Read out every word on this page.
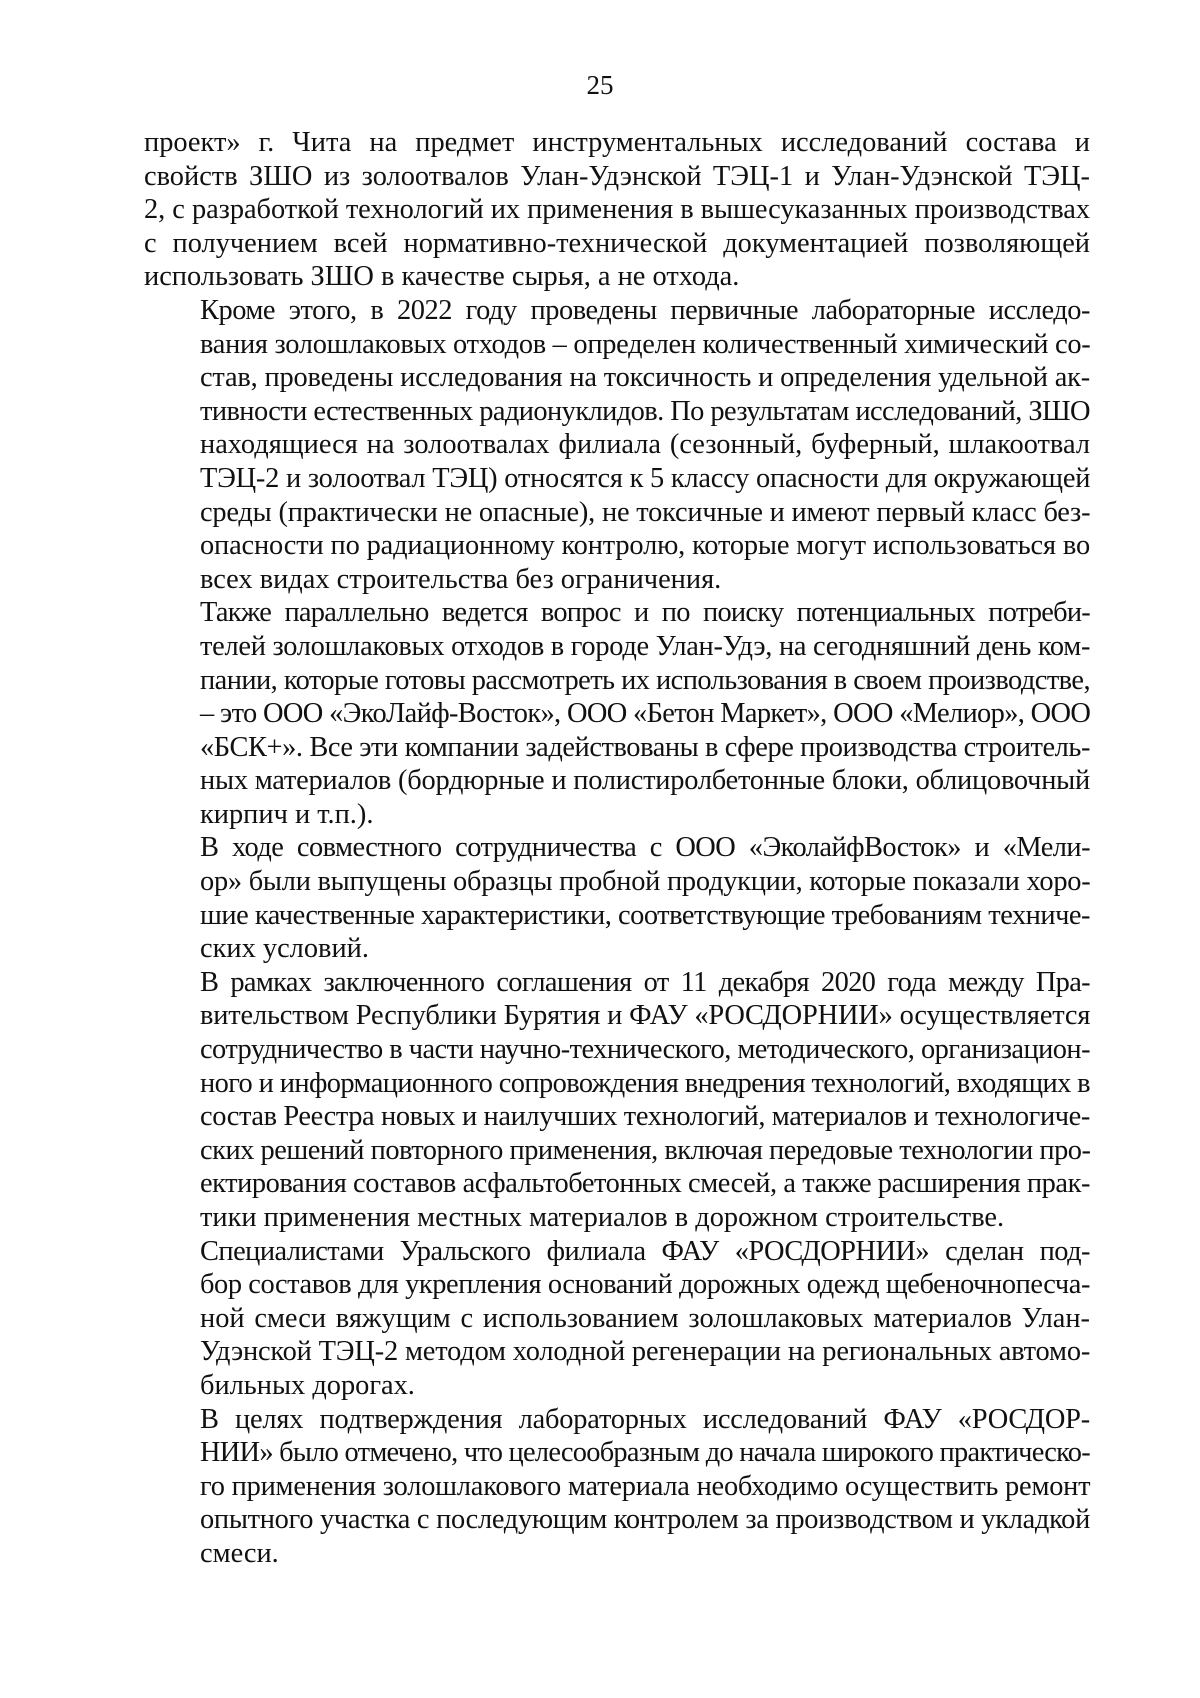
25

проект» г. Чита на предмет инструментальных исследований состава и
свойств ЗШО из золоотвалов Улан-Удэнской ТЭЦ-1 и Улан-Удэнской ТЭЦ-
2, с разработкой технологий их применения в вышесуказанных производствах
с получением всей нормативно-технической документацией позволяющей
использовать ЗШО в качестве сырья, а не отхода.

Кроме этого, в 2022 году проведены первичные лабораторные исследо-
вания золошлаковых отходов – определен количественный химический со-
став, проведены исследования на токсичность и определения удельной ак-
тивности естественных радионуклидов. По результатам исследований, ЗШО
находящиеся на золоотвалах филиала (сезонный, буферный, шлакоотвал
ТЭЦ-2 и золоотвал ТЭЦ) относятся к 5 классу опасности для окружающей
среды (практически не опасные), не токсичные и имеют первый класс без-
опасности по радиационному контролю, которые могут использоваться во
всех видах строительства без ограничения.

Также параллельно ведется вопрос и по поиску потенциальных потреби-
телей золошлаковых отходов в городе Улан-Удэ, на сегодняшний день ком-
пании, которые готовы рассмотреть их использования в своем производстве,
– это ООО «ЭкоЛайф-Восток», ООО «Бетон Маркет», ООО «Мелиор», ООО
«БСК+». Все эти компании задействованы в сфере производства строитель-
ных материалов (бордюрные и полистиролбетонные блоки, облицовочный
кирпич и т.п.).

В ходе совместного сотрудничества с ООО «ЭколайфВосток» и «Мели-
ор» были выпущены образцы пробной продукции, которые показали хоро-
шие качественные характеристики, соответствующие требованиям техниче-
ских условий.

В рамках заключенного соглашения от 11 декабря 2020 года между Пра-
вительством Республики Бурятия и ФАУ «РОСДОРНИИ» осуществляется
сотрудничество в части научно-технического, методического, организацион-
ного и информационного сопровождения внедрения технологий, входящих в
состав Реестра новых и наилучших технологий, материалов и технологиче-
ских решений повторного применения, включая передовые технологии про-
ектирования составов асфальтобетонных смесей, а также расширения прак-
тики применения местных материалов в дорожном строительстве.

Специалистами Уральского филиала ФАУ «РОСДОРНИИ» сделан под-
бор составов для укрепления оснований дорожных одежд щебеночнопесча-
ной смеси вяжущим с использованием золошлаковых материалов Улан-
Удэнской ТЭЦ-2 методом холодной регенерации на региональных автомо-
бильных дорогах.

В целях подтверждения лабораторных исследований ФАУ «РОСДОР-
НИИ» было отмечено, что целесообразным до начала широкого практическо-
го применения золошлакового материала необходимо осуществить ремонт
опытного участка с последующим контролем за производством и укладкой
смеси.
